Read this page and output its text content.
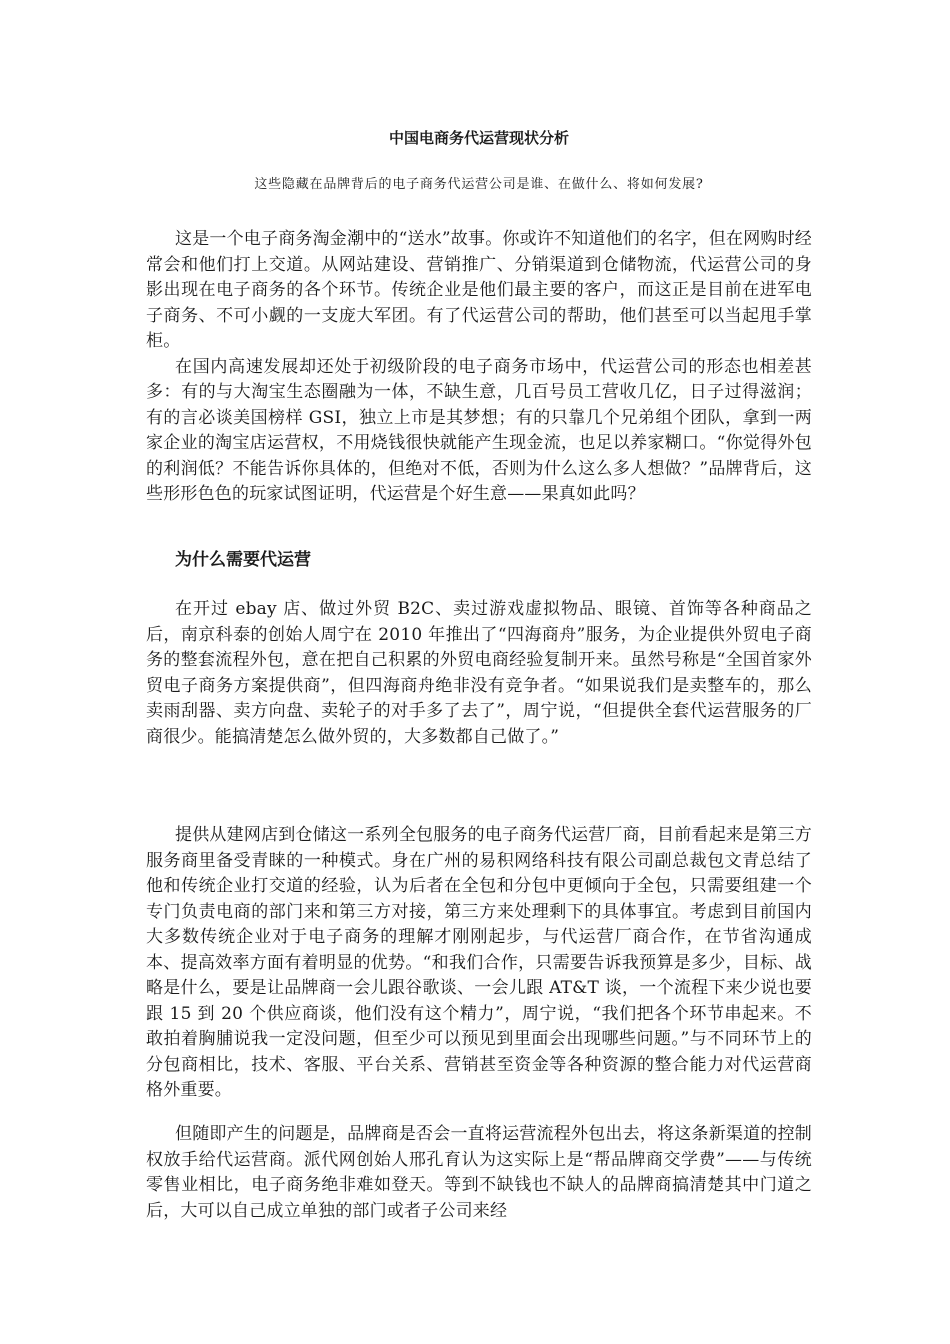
中国电商务代运营现状分析

这些隐藏在品牌背后的电子商务代运营公司是谁、在做什么、将如何发展?

这是一个电子商务淘金潮中的“送水”故事。你或许不知道他们的名字，但在网购时经常会和他们打上交道。从网站建设、营销推广、分销渠道到仓储物流，代运营公司的身影出现在电子商务的各个环节。传统企业是他们最主要的客户，而这正是目前在进军电子商务、不可小觑的一支庞大军团。有了代运营公司的帮助，他们甚至可以当起甩手掌柜。

在国内高速发展却还处于初级阶段的电子商务市场中，代运营公司的形态也相差甚多：有的与大淘宝生态圈融为一体，不缺生意，几百号员工营收几亿，日子过得滋润；有的言必谈美国榜样 GSI，独立上市是其梦想；有的只靠几个兄弟组个团队，拿到一两家企业的淘宝店运营权，不用烧钱很快就能产生现金流，也足以养家糊口。“你觉得外包的利润低？不能告诉你具体的，但绝对不低，否则为什么这么多人想做？”品牌背后，这些形形色色的玩家试图证明，代运营是个好生意——果真如此吗？

为什么需要代运营

在开过 ebay 店、做过外贸 B2C、卖过游戏虚拟物品、眼镜、首饰等各种商品之后，南京科泰的创始人周宁在 2010 年推出了“四海商舟”服务，为企业提供外贸电子商务的整套流程外包，意在把自己积累的外贸电商经验复制开来。虽然号称是“全国首家外贸电子商务方案提供商”，但四海商舟绝非没有竞争者。“如果说我们是卖整车的，那么卖雨刮器、卖方向盘、卖轮子的对手多了去了”，周宁说，“但提供全套代运营服务的厂商很少。能搞清楚怎么做外贸的，大多数都自己做了。”

提供从建网店到仓储这一系列全包服务的电子商务代运营厂商，目前看起来是第三方服务商里备受青睐的一种模式。身在广州的易积网络科技有限公司副总裁包文青总结了他和传统企业打交道的经验，认为后者在全包和分包中更倾向于全包，只需要组建一个专门负责电商的部门来和第三方对接，第三方来处理剩下的具体事宜。考虑到目前国内大多数传统企业对于电子商务的理解才刚刚起步，与代运营厂商合作，在节省沟通成本、提高效率方面有着明显的优势。“和我们合作，只需要告诉我预算是多少，目标、战略是什么，要是让品牌商一会儿跟谷歌谈、一会儿跟 AT&T 谈，一个流程下来少说也要跟 15 到 20 个供应商谈，他们没有这个精力”，周宁说，“我们把各个环节串起来。不敢拍着胸脯说我一定没问题，但至少可以预见到里面会出现哪些问题。”与不同环节上的分包商相比，技术、客服、平台关系、营销甚至资金等各种资源的整合能力对代运营商格外重要。

但随即产生的问题是，品牌商是否会一直将运营流程外包出去，将这条新渠道的控制权放手给代运营商。派代网创始人邢孔育认为这实际上是“帮品牌商交学费”——与传统零售业相比，电子商务绝非难如登天。等到不缺钱也不缺人的品牌商搞清楚其中门道之后，大可以自己成立单独的部门或者子公司来经
